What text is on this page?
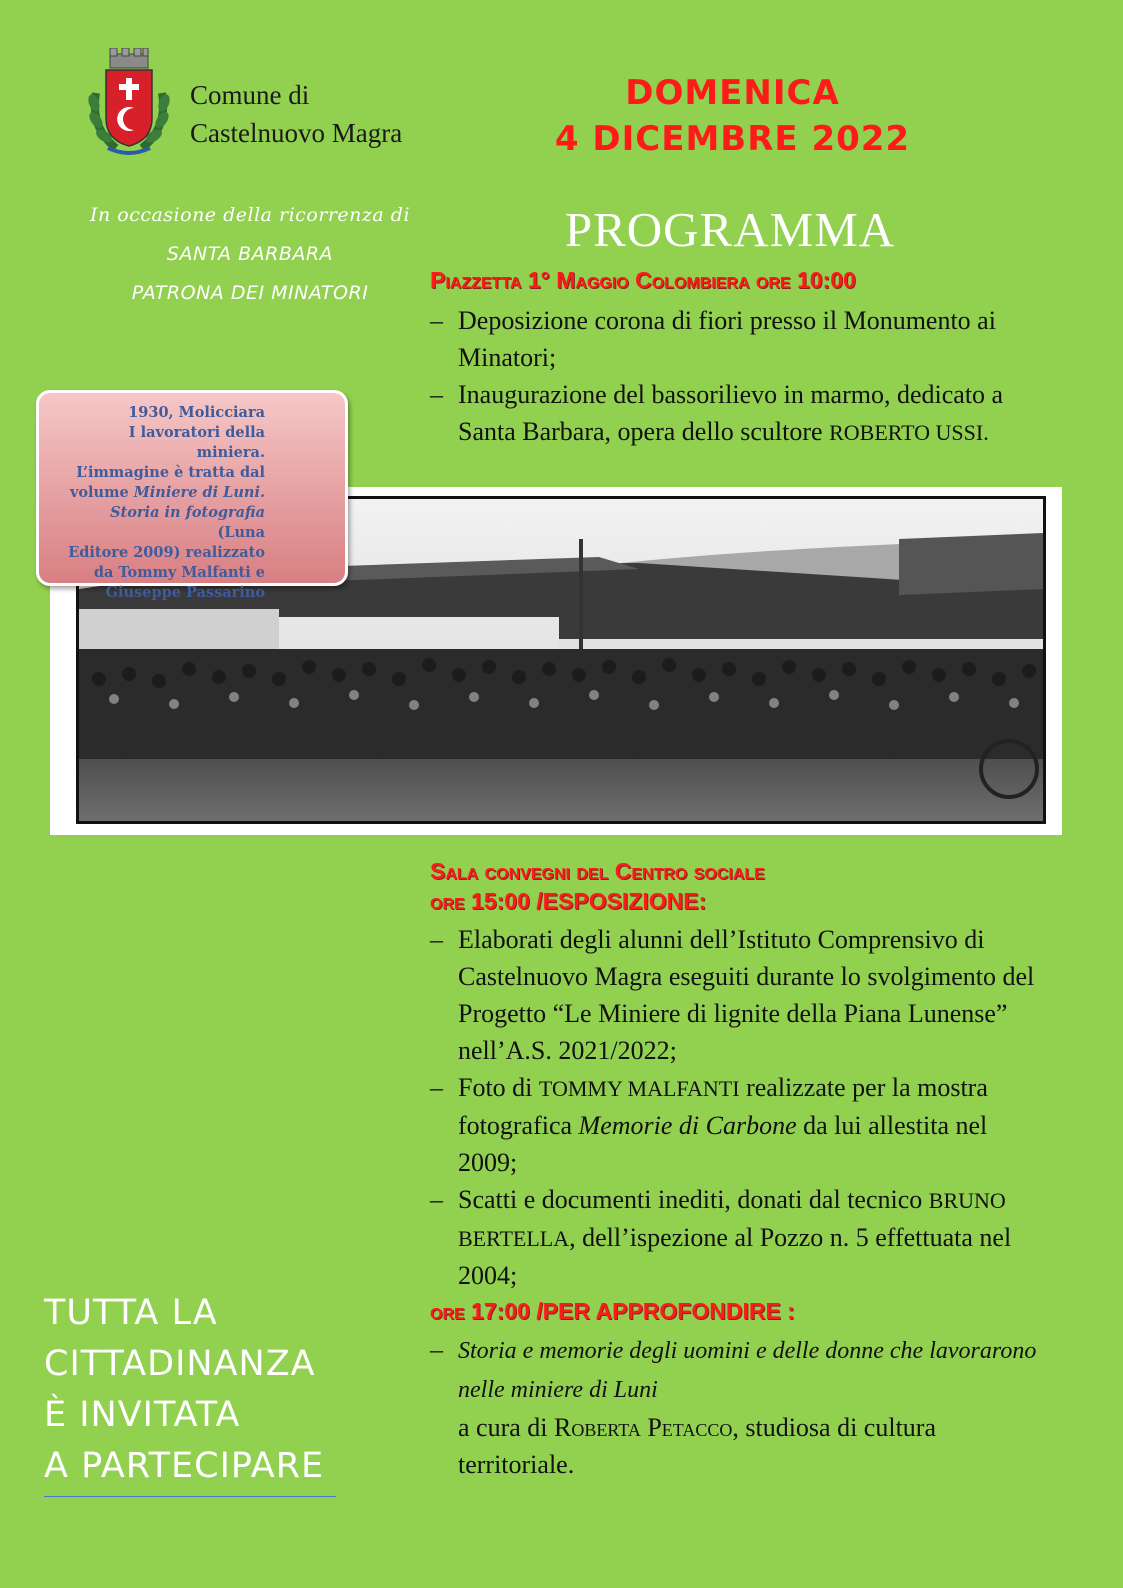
Comune di
Castelnuovo Magra
DOMENICA
4 DICEMBRE 2022
In occasione della ricorrenza di
SANTA BARBARA
PATRONA DEI MINATORI
PROGRAMMA
Piazzetta 1° Maggio Colombiera ore 10:00

– Deposizione corona di fiori presso il Monumento ai Minatori;

– Inaugurazione del bassorilievo in marmo, dedicato a Santa Barbara, opera dello scultore ROBERTO USSI.

1930, Molicciara
I lavoratori della miniera.
L’immagine è tratta dal
volume Miniere di Luni.
Storia in fotografia (Luna
Editore 2009) realizzato
da Tommy Malfanti e
Giuseppe Passarino
Sala convegni del Centro sociale
ore 15:00 /ESPOSIZIONE:

– Elaborati degli alunni dell’Istituto Comprensivo di Castelnuovo Magra eseguiti durante lo svolgimento del Progetto “Le Miniere di lignite della Piana Lunense” nell’A.S. 2021/2022;

– Foto di TOMMY MALFANTI realizzate per la mostra fotografica Memorie di Carbone da lui allestita nel 2009;

– Scatti e documenti inediti, donati dal tecnico BRUNO BERTELLA, dell’ispezione al Pozzo n. 5 effettuata nel 2004;

ore 17:00 /PER APPROFONDIRE :

– Storia e memorie degli uomini e delle donne che lavorarono nelle miniere di Luni

a cura di Roberta Petacco, studiosa di cultura territoriale.

TUTTA LA
CITTADINANZA
È INVITATA
A PARTECIPARE
